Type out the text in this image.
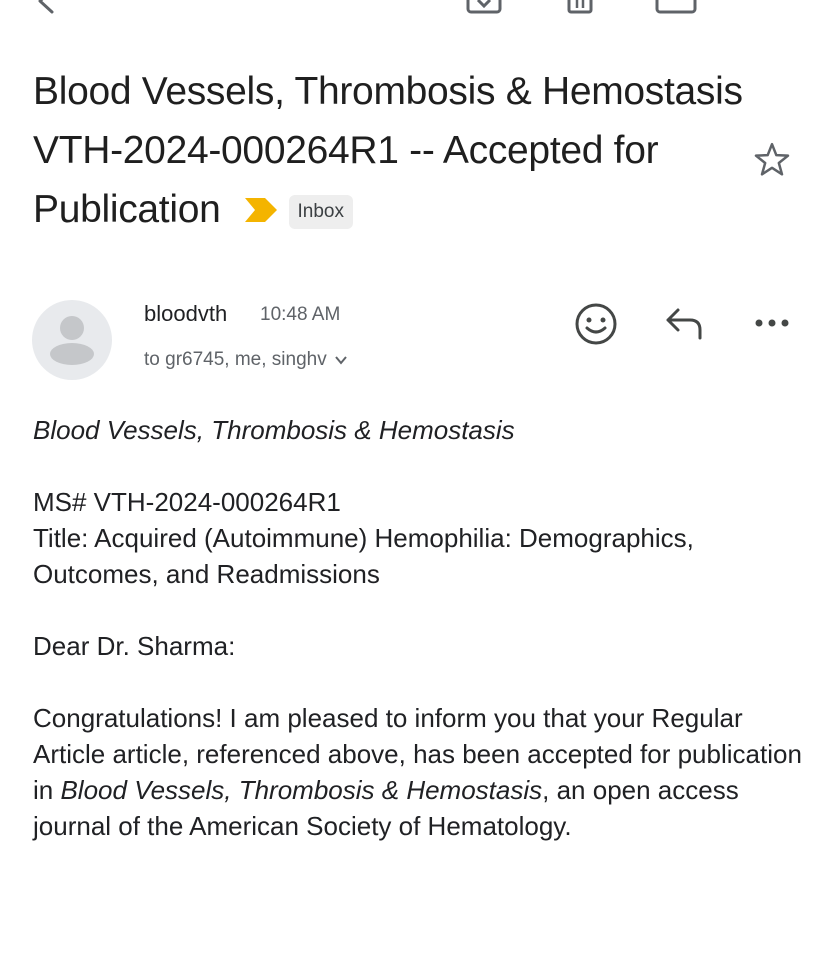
Blood Vessels, Thrombosis & Hemostasis VTH-2024-000264R1 -- Accepted for Publication	Inbox
bloodvth 10:48 AM
to gr6745, me, singhv

Blood Vessels, Thrombosis & Hemostasis

MS# VTH-2024-000264R1

Title: Acquired (Autoimmune) Hemophilia: Demographics, Outcomes, and Readmissions

Dear Dr. Sharma:

Congratulations! I am pleased to inform you that your Regular Article article, referenced above, has been accepted for publication in Blood Vessels, Thrombosis & Hemostasis, an open access journal of the American Society of Hematology.
